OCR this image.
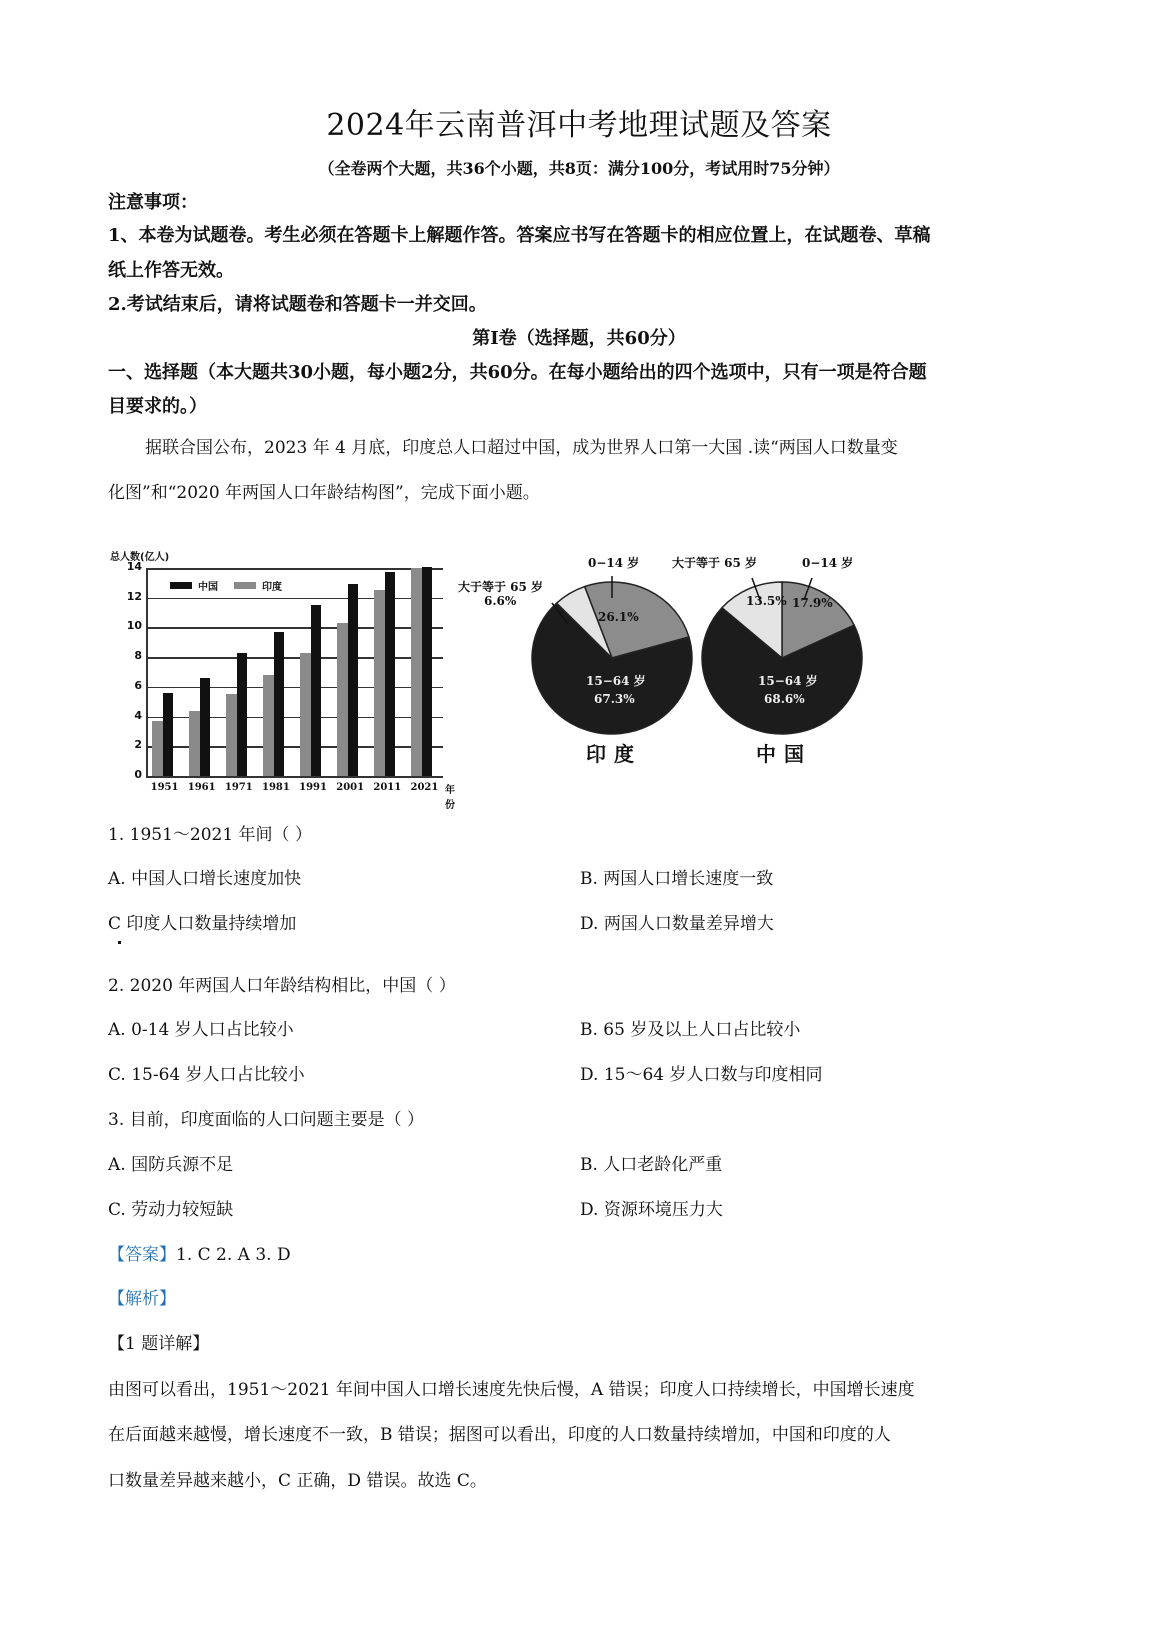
2024年云南普洱中考地理试题及答案
（全卷两个大题，共36个小题，共8页：满分100分，考试用时75分钟）
注意事项：
1、本卷为试题卷。考生必须在答题卡上解题作答。答案应书写在答题卡的相应位置上，在试题卷、草稿
纸上作答无效。
2.考试结束后，请将试题卷和答题卡一并交回。
第Ⅰ卷（选择题，共60分）
一、选择题（本大题共30小题，每小题2分，共60分。在每小题给出的四个选项中，只有一项是符合题
目要求的。）
据联合国公布，2023 年 4 月底，印度总人口超过中国，成为世界人口第一大国 .读“两国人口数量变
化图”和“2020 年两国人口年龄结构图”，完成下面小题。
总人数(亿人)
0
2
4
6
8
10
12
14
1951 1961 1971 1981 1991 2001 2011 2021 年份
中国	印度
0−14 岁
26.1%
大于等于 65 岁
6.6%
15−64 岁
67.3%
印度
大于等于 65 岁
13.5%
0−14 岁
17.9%
15−64 岁
68.6%
中国
1. 1951～2021 年间（ ）
A. 中国人口增长速度加快	B. 两国人口增长速度一致
C 印度人口数量持续增加	D. 两国人口数量差异增大
2. 2020 年两国人口年龄结构相比，中国（ ）
A. 0-14 岁人口占比较小	B. 65 岁及以上人口占比较小
C. 15-64 岁人口占比较小	D. 15～64 岁人口数与印度相同
3. 目前，印度面临的人口问题主要是（ ）
A. 国防兵源不足	B. 人口老龄化严重
C. 劳动力较短缺	D. 资源环境压力大
【答案】1. C 2. A 3. D
【解析】
【1 题详解】
由图可以看出，1951～2021 年间中国人口增长速度先快后慢，A 错误；印度人口持续增长，中国增长速度
在后面越来越慢，增长速度不一致，B 错误；据图可以看出，印度的人口数量持续增加，中国和印度的人
口数量差异越来越小，C 正确，D 错误。故选 C。
